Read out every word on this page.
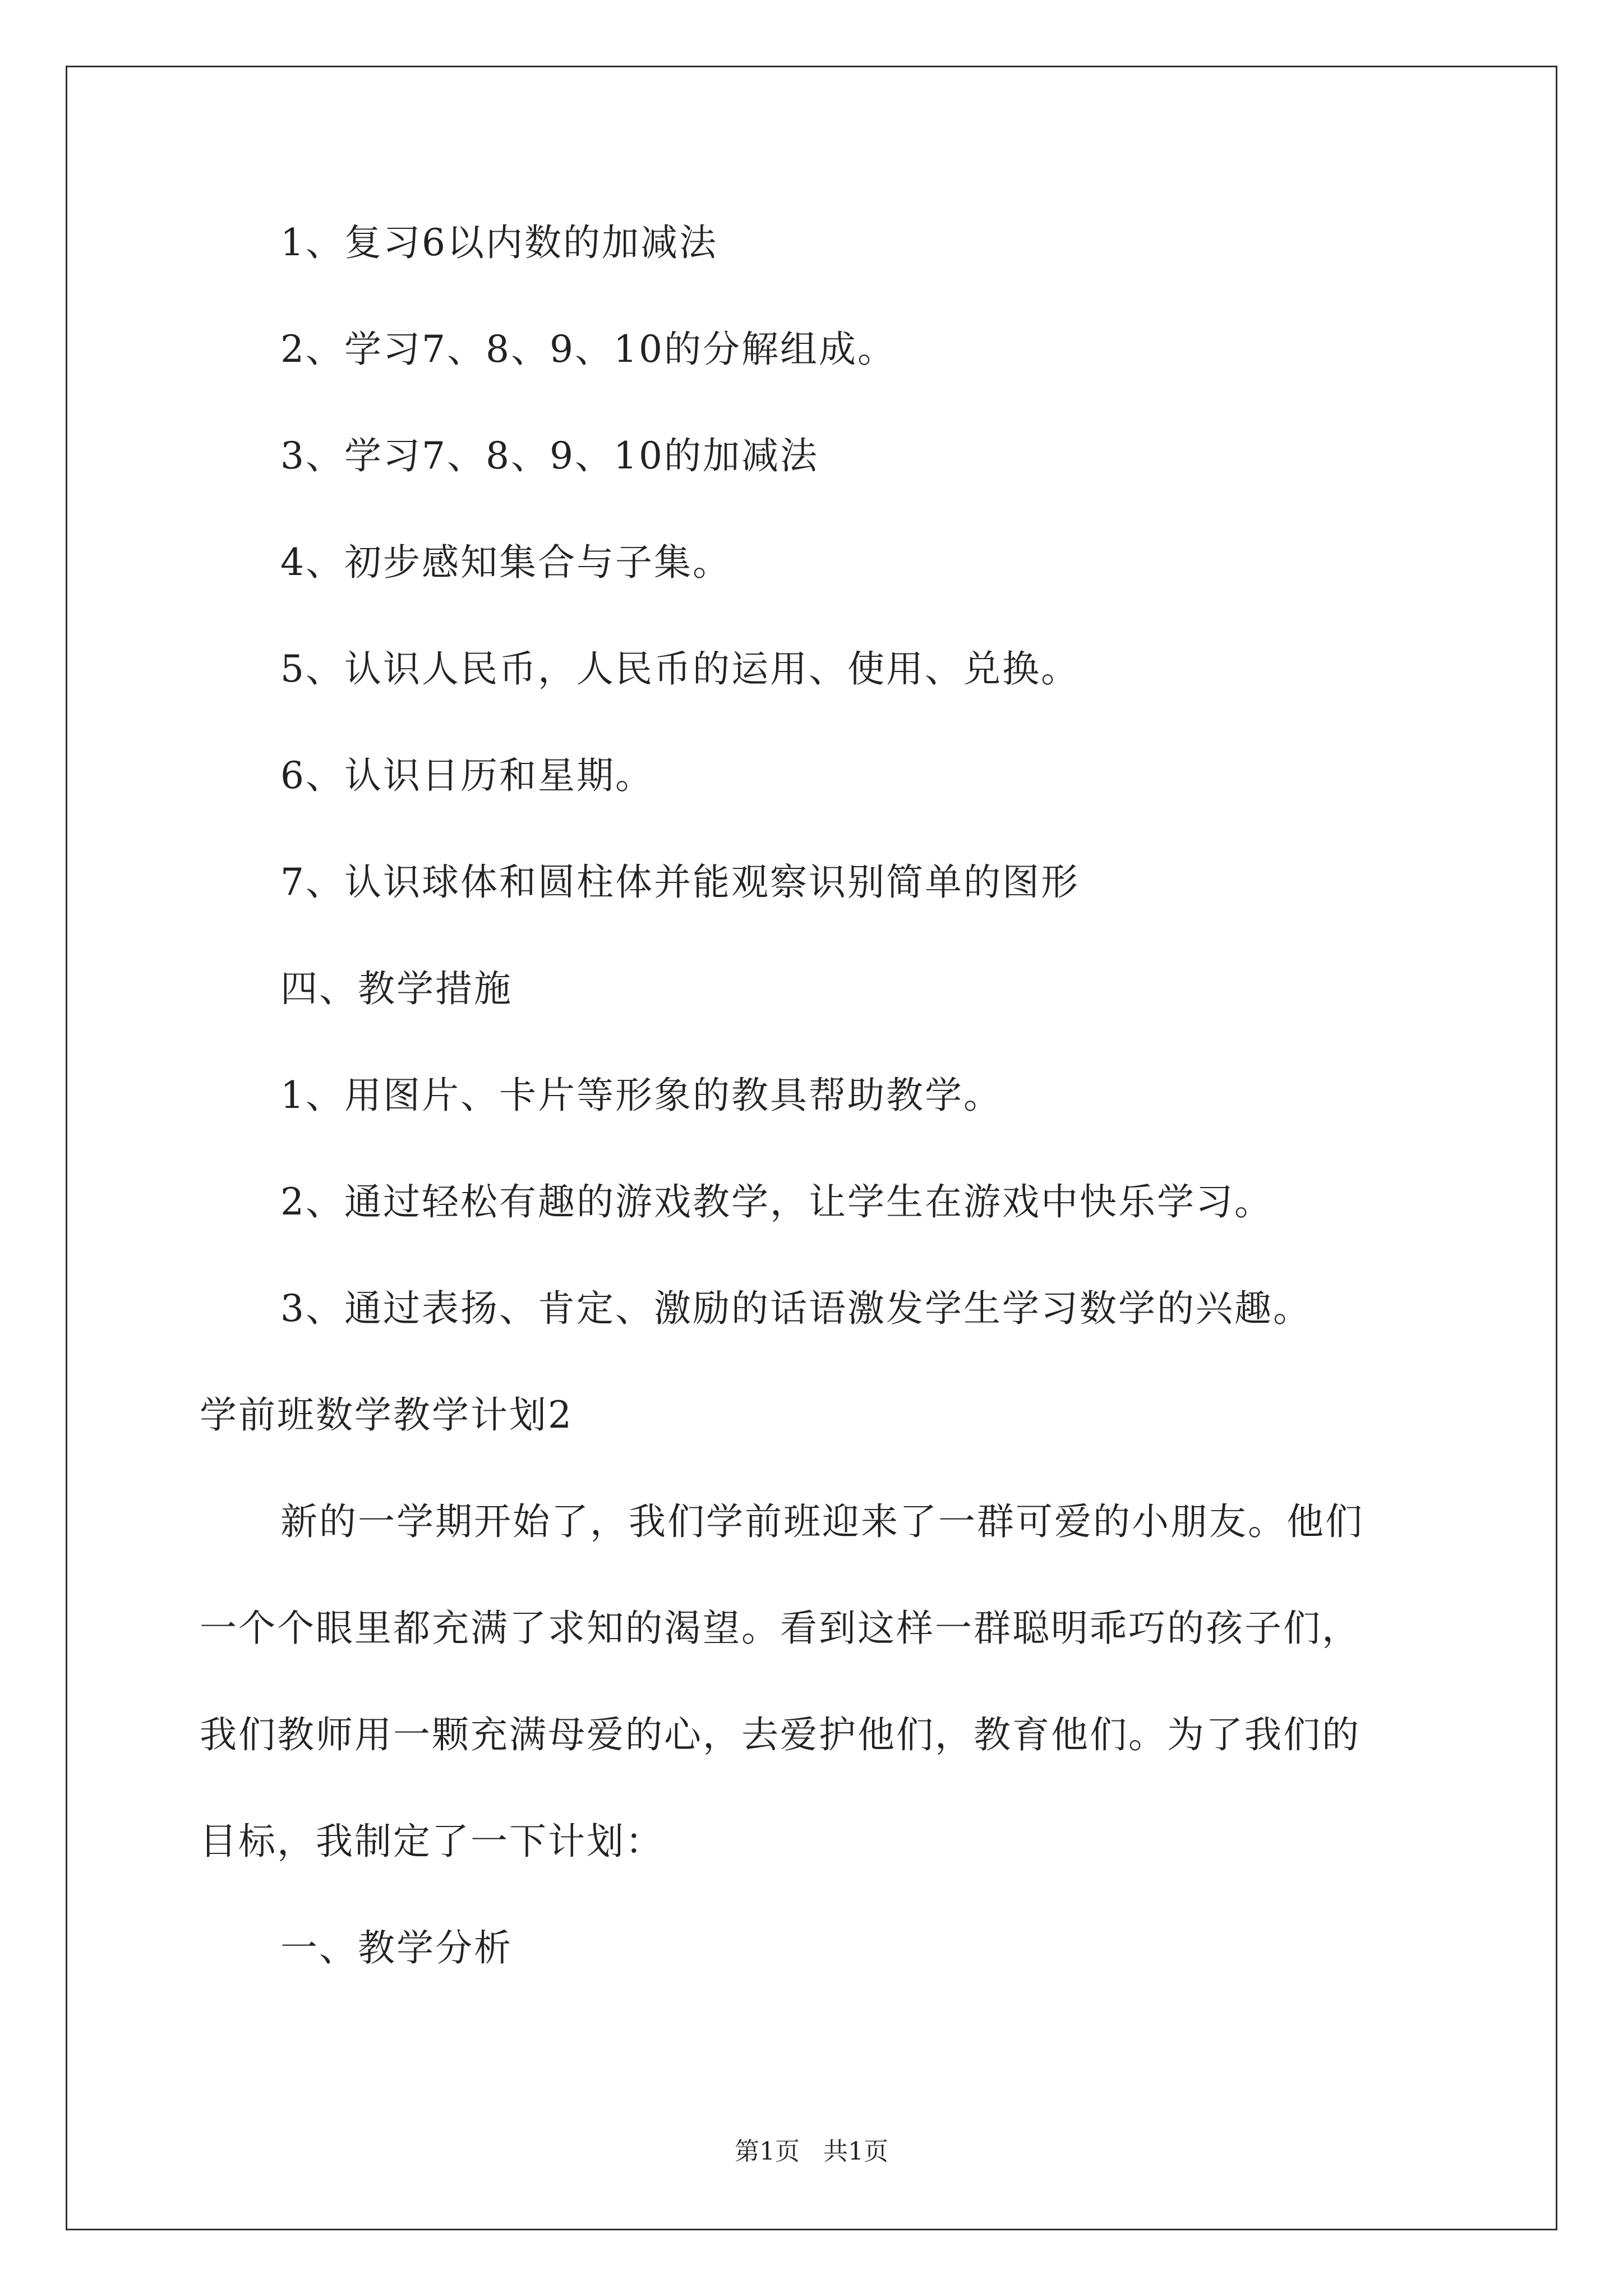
1、复习6以内数的加减法
2、学习7、8、9、10的分解组成。
3、学习7、8、9、10的加减法
4、初步感知集合与子集。
5、认识人民币，人民币的运用、使用、兑换。
6、认识日历和星期。
7、认识球体和圆柱体并能观察识别简单的图形
四、教学措施
1、用图片、卡片等形象的教具帮助教学。
2、通过轻松有趣的游戏教学，让学生在游戏中快乐学习。
3、通过表扬、肯定、激励的话语激发学生学习数学的兴趣。
学前班数学教学计划2
新的一学期开始了，我们学前班迎来了一群可爱的小朋友。他们
一个个眼里都充满了求知的渴望。看到这样一群聪明乖巧的孩子们，
我们教师用一颗充满母爱的心，去爱护他们，教育他们。为了我们的
目标，我制定了一下计划：
一、教学分析
第1页   共1页
